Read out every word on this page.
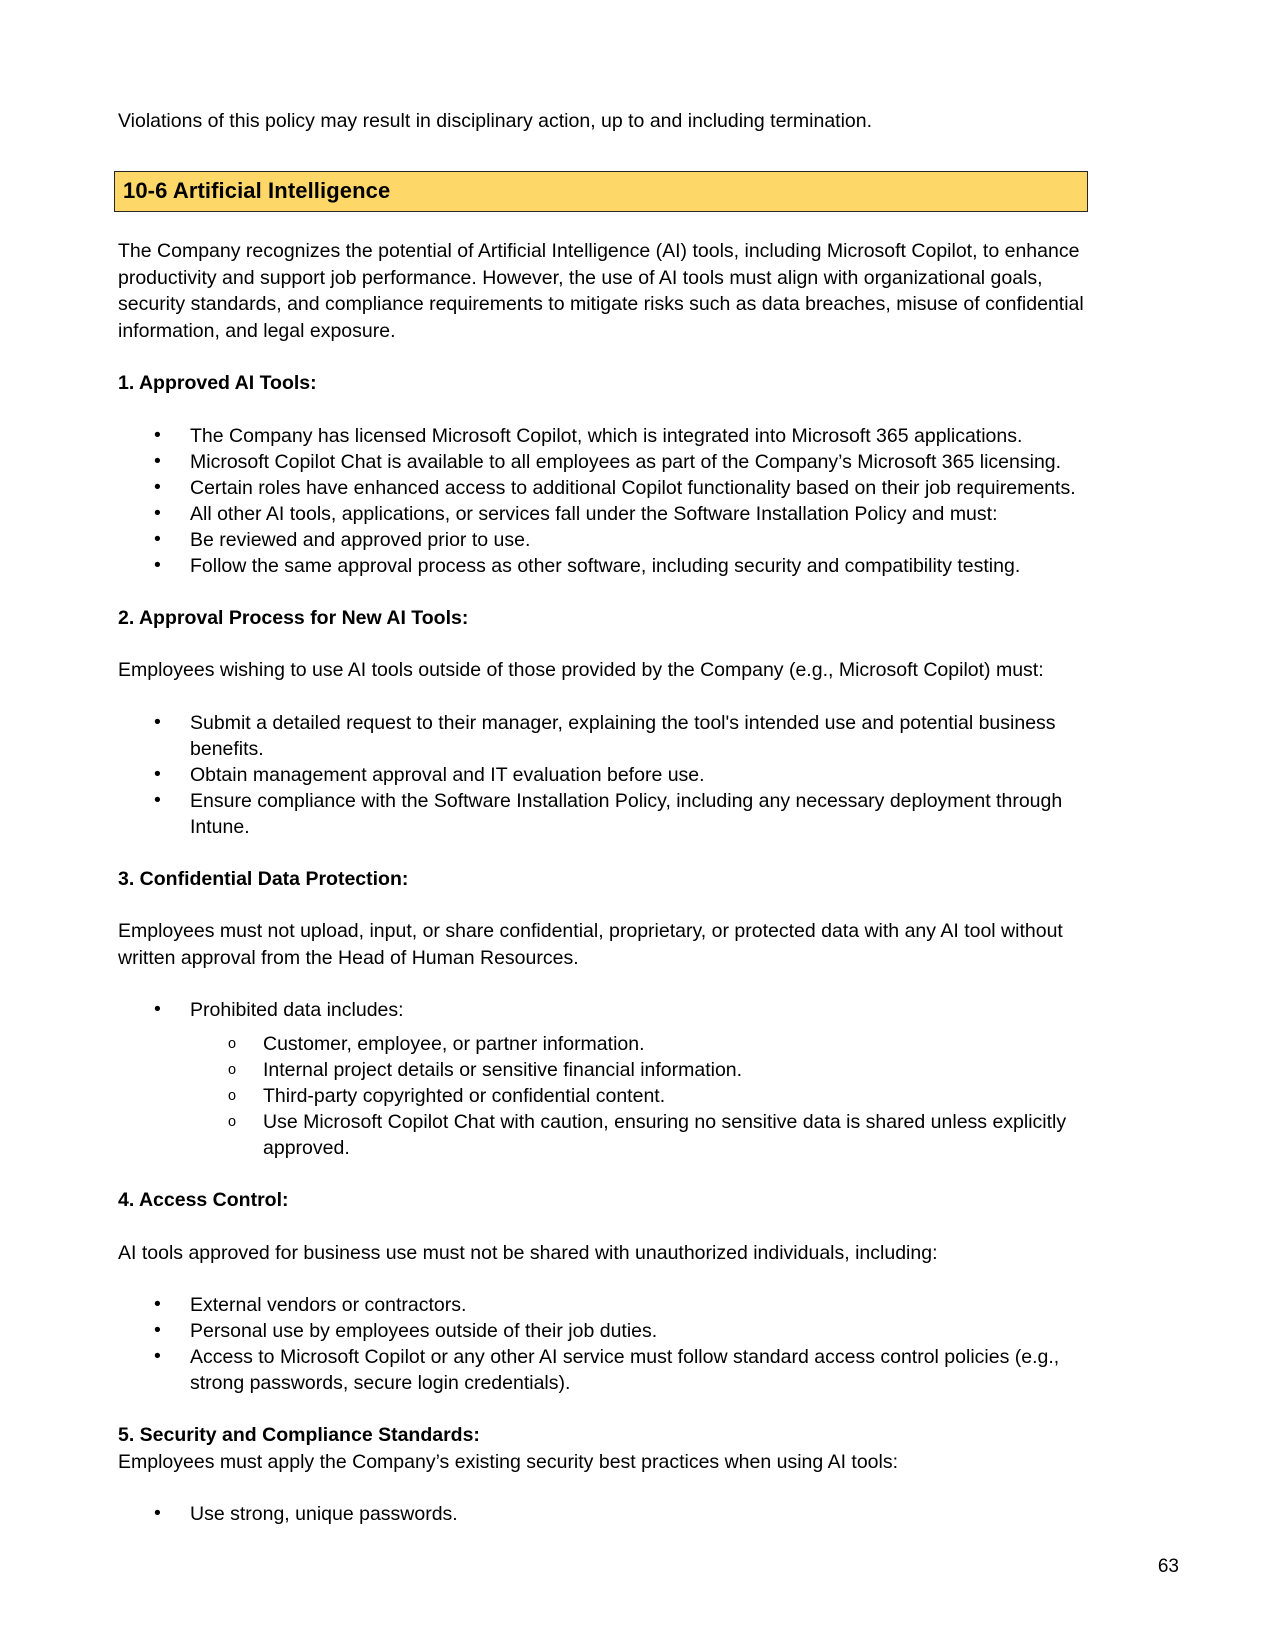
Violations of this policy may result in disciplinary action, up to and including termination.

10-6 Artificial Intelligence

The Company recognizes the potential of Artificial Intelligence (AI) tools, including Microsoft Copilot, to enhance productivity and support job performance. However, the use of AI tools must align with organizational goals, security standards, and compliance requirements to mitigate risks such as data breaches, misuse of confidential information, and legal exposure.

1. Approved AI Tools:
• The Company has licensed Microsoft Copilot, which is integrated into Microsoft 365 applications.
• Microsoft Copilot Chat is available to all employees as part of the Company’s Microsoft 365 licensing.
• Certain roles have enhanced access to additional Copilot functionality based on their job requirements.
• All other AI tools, applications, or services fall under the Software Installation Policy and must:
• Be reviewed and approved prior to use.
• Follow the same approval process as other software, including security and compatibility testing.
2. Approval Process for New AI Tools:

Employees wishing to use AI tools outside of those provided by the Company (e.g., Microsoft Copilot) must:

• Submit a detailed request to their manager, explaining the tool's intended use and potential business benefits.
• Obtain management approval and IT evaluation before use.
• Ensure compliance with the Software Installation Policy, including any necessary deployment through Intune.
3. Confidential Data Protection:

Employees must not upload, input, or share confidential, proprietary, or protected data with any AI tool without written approval from the Head of Human Resources.

• Prohibited data includes:
o Customer, employee, or partner information.
o Internal project details or sensitive financial information.
o Third-party copyrighted or confidential content.
o Use Microsoft Copilot Chat with caution, ensuring no sensitive data is shared unless explicitly approved.
4. Access Control:

AI tools approved for business use must not be shared with unauthorized individuals, including:

• External vendors or contractors.
• Personal use by employees outside of their job duties.
• Access to Microsoft Copilot or any other AI service must follow standard access control policies (e.g., strong passwords, secure login credentials).
5. Security and Compliance Standards:

Employees must apply the Company’s existing security best practices when using AI tools:

• Use strong, unique passwords.
63
